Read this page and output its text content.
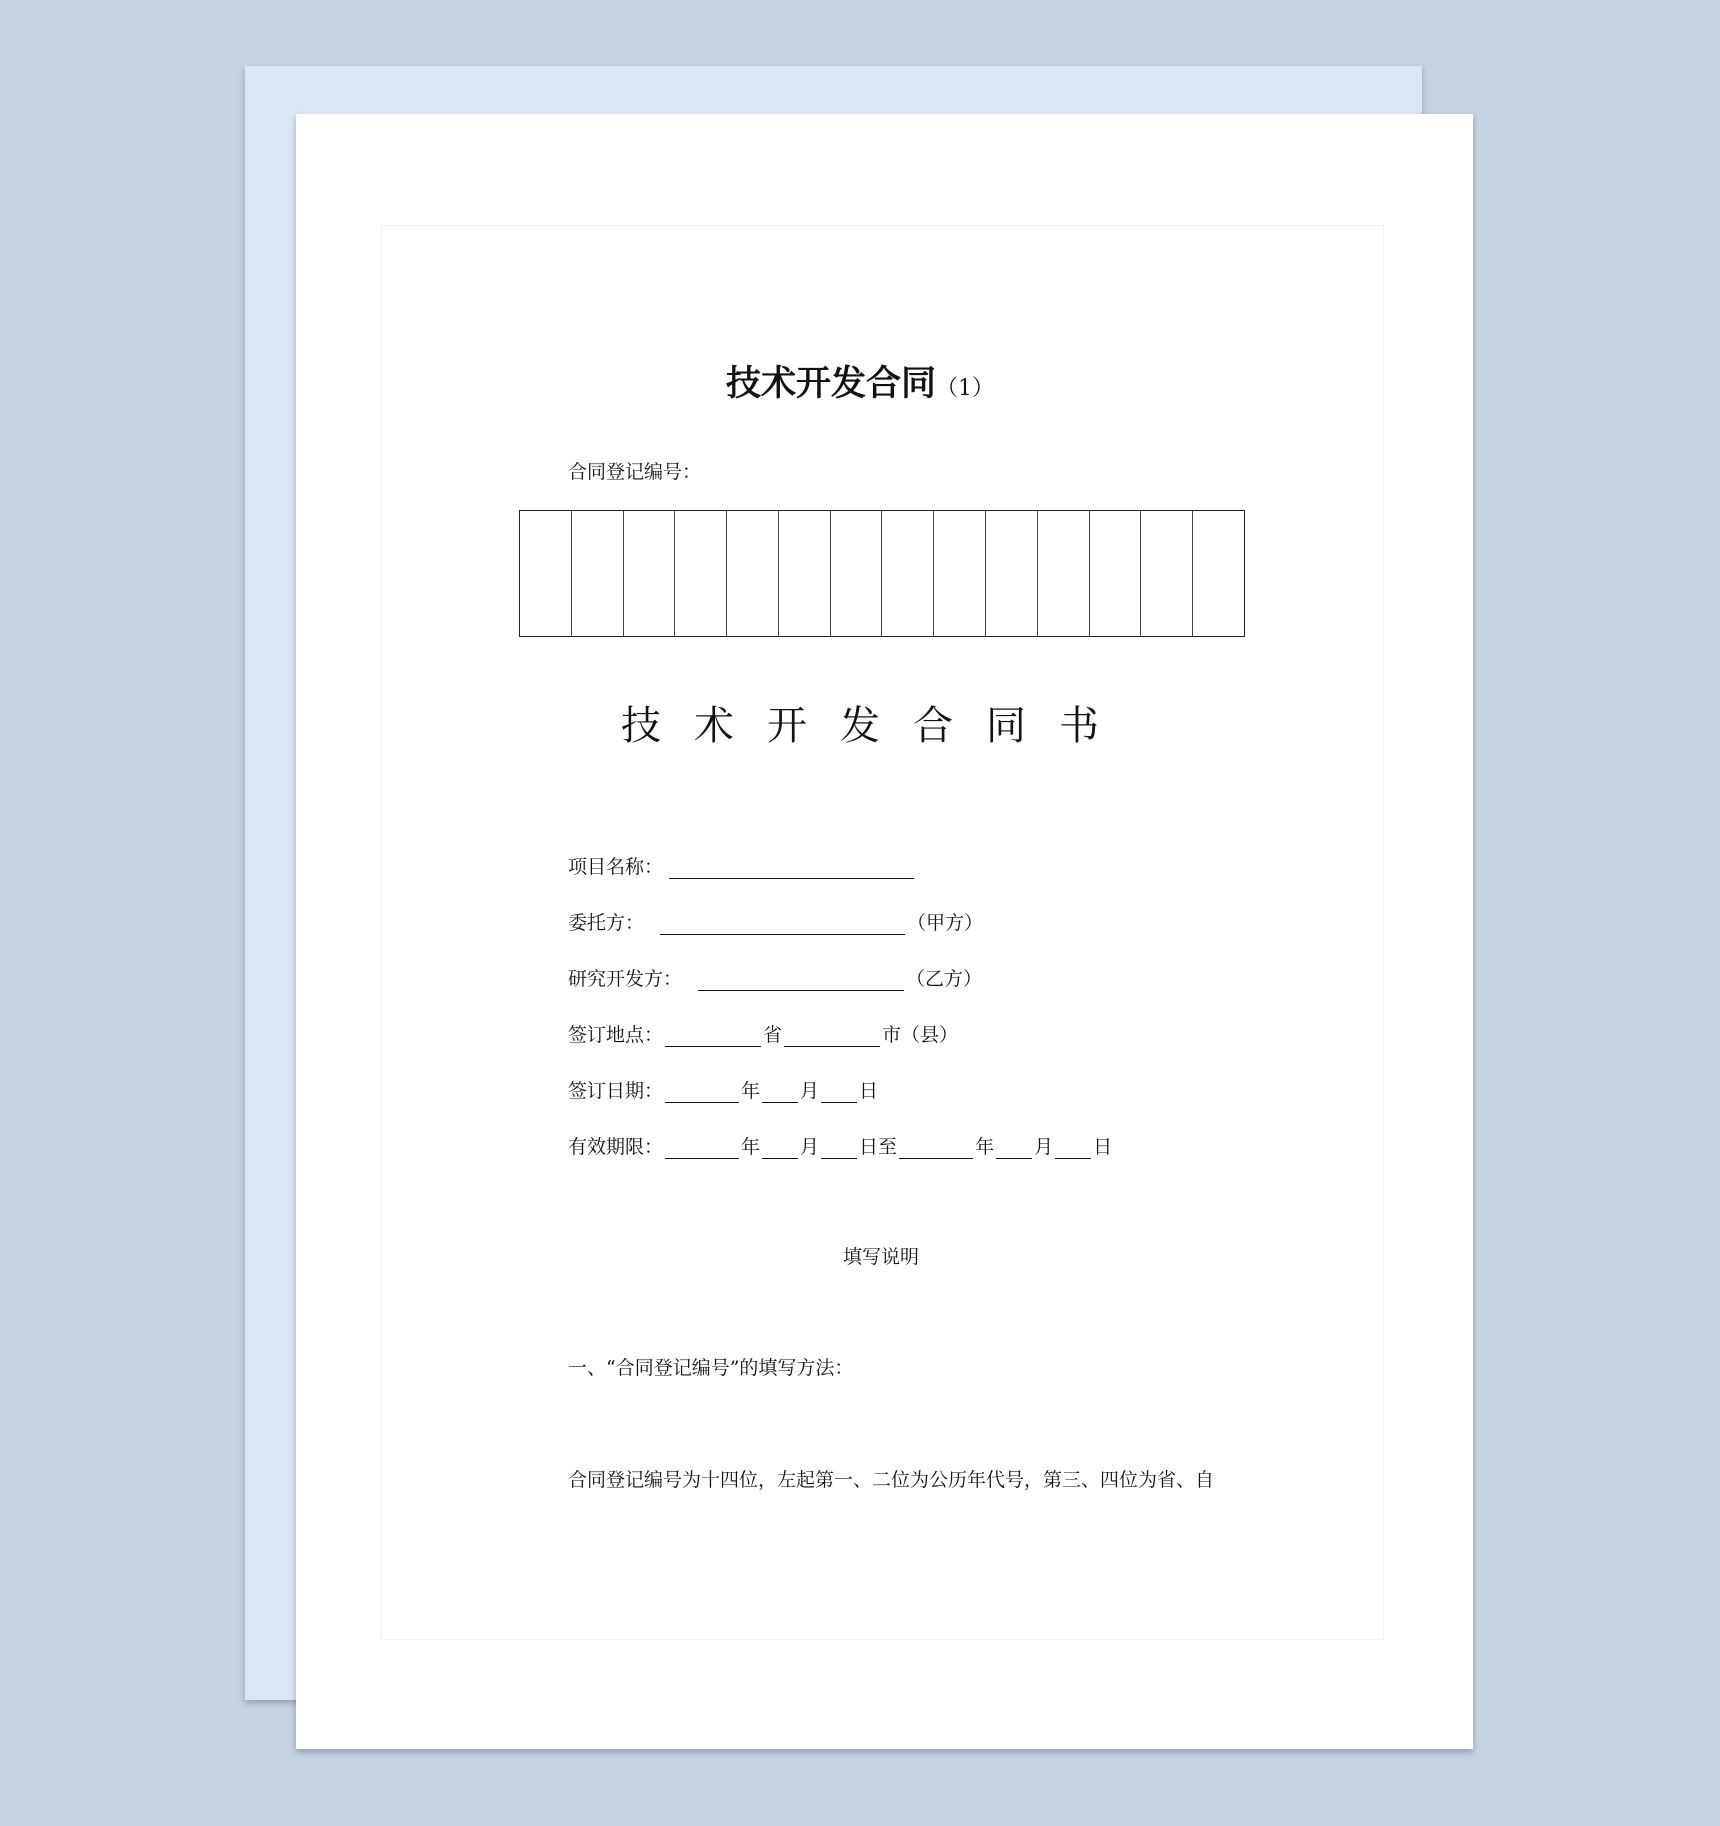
技术开发合同（1）
合同登记编号：
技术开发合同书
项目名称：
委托方：	（甲方）
研究开发方：	（乙方）
签订地点：	省	市（县）
签订日期：	年 月 日
有效期限：	年 月 日至	年 月 日
填写说明
一、“合同登记编号”的填写方法：
合同登记编号为十四位，左起第一、二位为公历年代号，第三、四位为省、自
